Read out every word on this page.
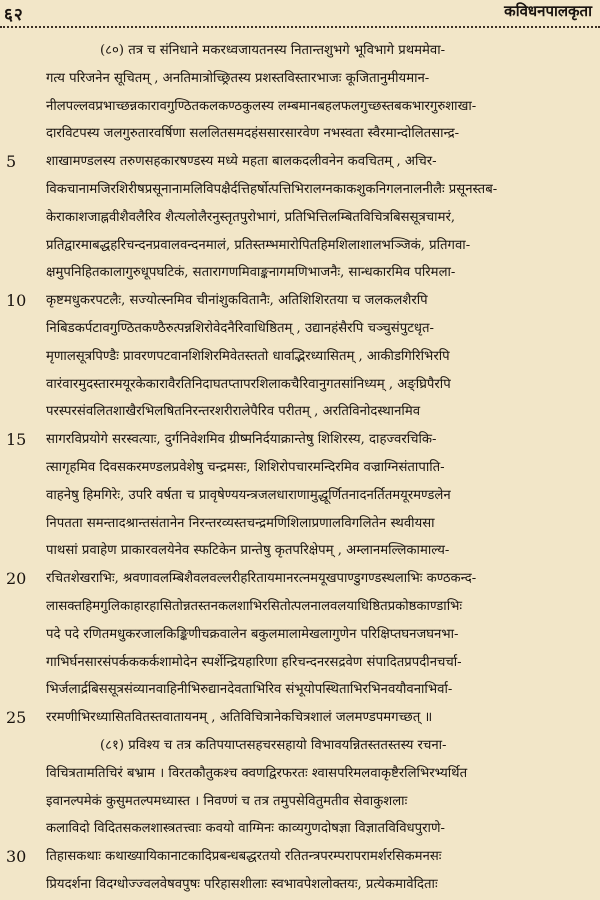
६२	कविधनपालकृता
(८०) तत्र च संनिधाने मकरध्वजायतनस्य नितान्तशुभगे भूविभागे प्रथममेवा-
गत्य परिजनेन सूचितम् , अनतिमात्रोच्छ्रितस्य प्रशस्तविस्तारभाजः कूजितानुमीयमान-
नीलपल्लवप्रभाच्छन्नकारावगुण्ठितकलकण्ठकुलस्य लम्बमानबहलफलगुच्छस्तबकभारगुरुशाखा-
दारविटपस्य जलगुरुतारवर्षिणा सललितसमदहंससारसारवेण नभस्वता स्वैरमान्दोलितसान्द्र-
5 शाखामण्डलस्य तरुणसहकारषण्डस्य मध्ये महता बालकदलीवनेन कवचितम् , अचिर-
विकचानामजिरशिरीषप्रसूनानामलिविपक्षैर्दत्तिहर्षोत्पत्तिभिरालग्नकाकशुकनिगलनालनीलैः प्रसूनस्तब-
केराकाशजाह्नवीशैवलैरिव शैत्यलोलैरनुस्तृतपुरोभागं, प्रतिभित्तिलम्बितविचित्रबिससूत्रचामरं,
प्रतिद्वारमाबद्धहरिचन्दनप्रवालवन्दनमालं, प्रतिस्तम्भमारोपितहिमशिलाशालभञ्जिकं, प्रतिगवा-
क्षमुपनिहितकालागुरुधूपघटिकं, सतारागणमिवाङ्कनागमणिभाजनैः, सान्धकारमिव परिमला-
10 कृष्टमधुकरपटलैः, सज्योत्स्नमिव चीनांशुकवितानैः, अतिशिशिरतया च जलकलशैरपि
निबिडकर्पटावगुण्ठितकण्ठैरुत्पन्नशिरोवेदनैरिवाधिष्ठितम् , उद्यानहंसैरपि चञ्चुसंपुटधृत-
मृणालसूत्रपिण्डैः प्रावरणपटवानशिशिरमिवेतस्ततो धावद्भिरध्यासितम् , आकीडगिरिभिरपि
वारंवारमुदस्तारमयूरकेकारावैरतिनिदाघतप्तापरशिलाकचैरिवानुगतसांनिध्यम् , अङ्घ्रिपैरपि
परस्परसंवलितशाखैरभिलषितनिरन्तरशरीरालेपैरिव परीतम् , अरतिविनोदस्थानमिव
15 सागरविप्रयोगे सरस्वत्याः, दुर्गनिवेशमिव ग्रीष्मनिर्दयाक्रान्तेषु शिशिरस्य, दाहज्वरचिकि-
त्सागृहमिव दिवसकरमण्डलप्रवेशेषु चन्द्रमसः, शिशिरोपचारमन्दिरमिव वज्राग्निसंतापाति-
वाहनेषु हिमगिरेः, उपरि वर्षता च प्रावृषेण्ययन्त्रजलधाराणामुद्धूर्णितनादनर्तितमयूरमण्डलेन
निपतता समन्तादश्रान्तसंतानेन निरन्तरव्यस्तचन्द्रमणिशिलाप्रणालविगलितेन स्थवीयसा
पाथसां प्रवाहेण प्राकारवलयेनेव स्फटिकेन प्रान्तेषु कृतपरिक्षेपम् , अम्लानमल्लिकामाल्य-
20 रचितशेखराभिः, श्रवणावलम्बिशैवलवल्लरीहरितायमानरत्नमयूखपाण्डुगण्डस्थलाभिः कण्ठकन्द-
लासक्तहिमगुलिकाहारहासितोन्नतस्तनकलशाभिरसितोत्पलनालवलयाधिष्ठितप्रकोष्ठकाण्डाभिः
पदे पदे रणितमधुकरजालकिङ्किणीचक्रवालेन बकुलमालामेखलागुणेन परिक्षिप्तघनजघनभा-
गाभिर्घनसारसंपर्कककर्कशामोदेन स्पर्शेन्द्रियहारिणा हरिचन्दनरसद्रवेण संपादितप्रपदीनचर्चा-
भिर्जलार्द्रबिससूत्रसंव्यानवाहिनीभिरुद्यानदेवताभिरिव संभूयोपस्थिताभिरभिनवयौवनाभिर्वा-
25 ररमणीभिरध्यासितवितस्तवातायनम् , अतिविचित्रानेकचित्रशालं जलमण्डपमगच्छत् ॥
(८१) प्रविश्य च तत्र कतिपयाप्तसहचरसहायो विभावयन्नितस्ततस्तस्य रचना-
विचित्रतामतिचिरं बभ्राम । विरतकौतुकश्च क्वणद्विरफरतः श्वासपरिमलवाकृष्टैरलिभिरभ्यर्थित
इवानल्पमेकं कुसुमतल्पमध्यास्त । निवण्णं च तत्र तमुपसेवितुमतीव सेवाकुशलाः
कलाविदो विदितसकलशास्त्रतत्त्वाः कवयो वाग्मिनः काव्यगुणदोषज्ञा विज्ञातविविधपुराणे-
30 तिहासकथाः कथाख्यायिकानाटकादिप्रबन्धबद्धरतयो रतितन्त्रपरम्परापरामर्शरसिकमनसः
प्रियदर्शना विदग्धोज्ज्वलवेषवपुषः परिहासशीलाः स्वभावपेशलोक्तयः, प्रत्येकमावेदिताः
